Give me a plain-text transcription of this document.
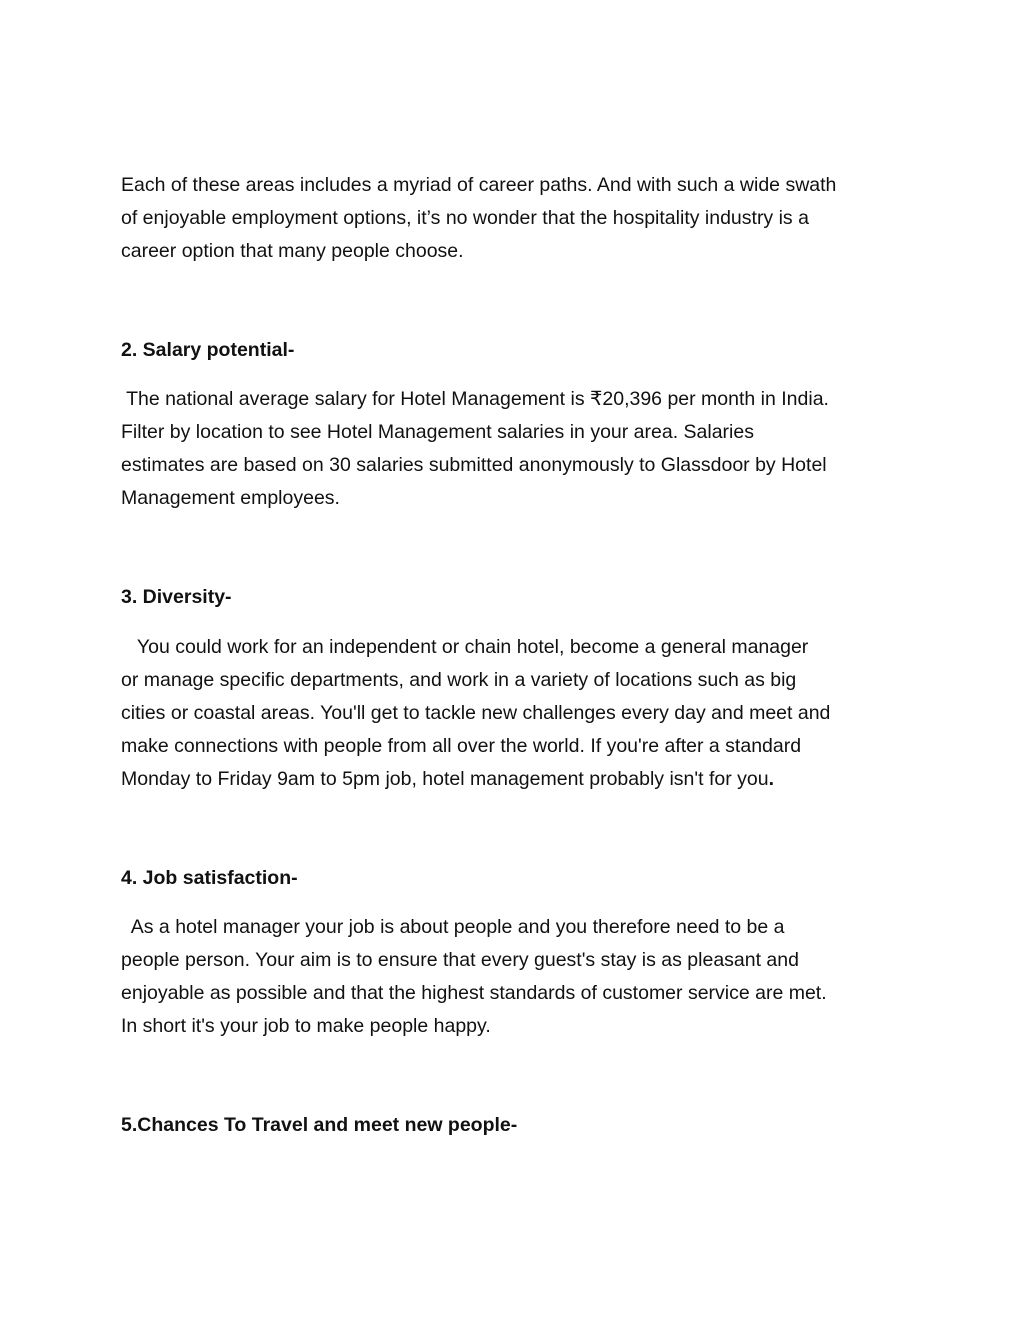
Each of these areas includes a myriad of career paths. And with such a wide swath
of enjoyable employment options, it’s no wonder that the hospitality industry is a
career option that many people choose.
2. Salary potential-
The national average salary for Hotel Management is ₹20,396 per month in India.
Filter by location to see Hotel Management salaries in your area. Salaries
estimates are based on 30 salaries submitted anonymously to Glassdoor by Hotel
Management employees.
3. Diversity-
You could work for an independent or chain hotel, become a general manager
or manage specific departments, and work in a variety of locations such as big
cities or coastal areas. You'll get to tackle new challenges every day and meet and
make connections with people from all over the world. If you're after a standard
Monday to Friday 9am to 5pm job, hotel management probably isn't for you.
4. Job satisfaction-
As a hotel manager your job is about people and you therefore need to be a
people person. Your aim is to ensure that every guest's stay is as pleasant and
enjoyable as possible and that the highest standards of customer service are met.
In short it's your job to make people happy.
5.Chances To Travel and meet new people-
